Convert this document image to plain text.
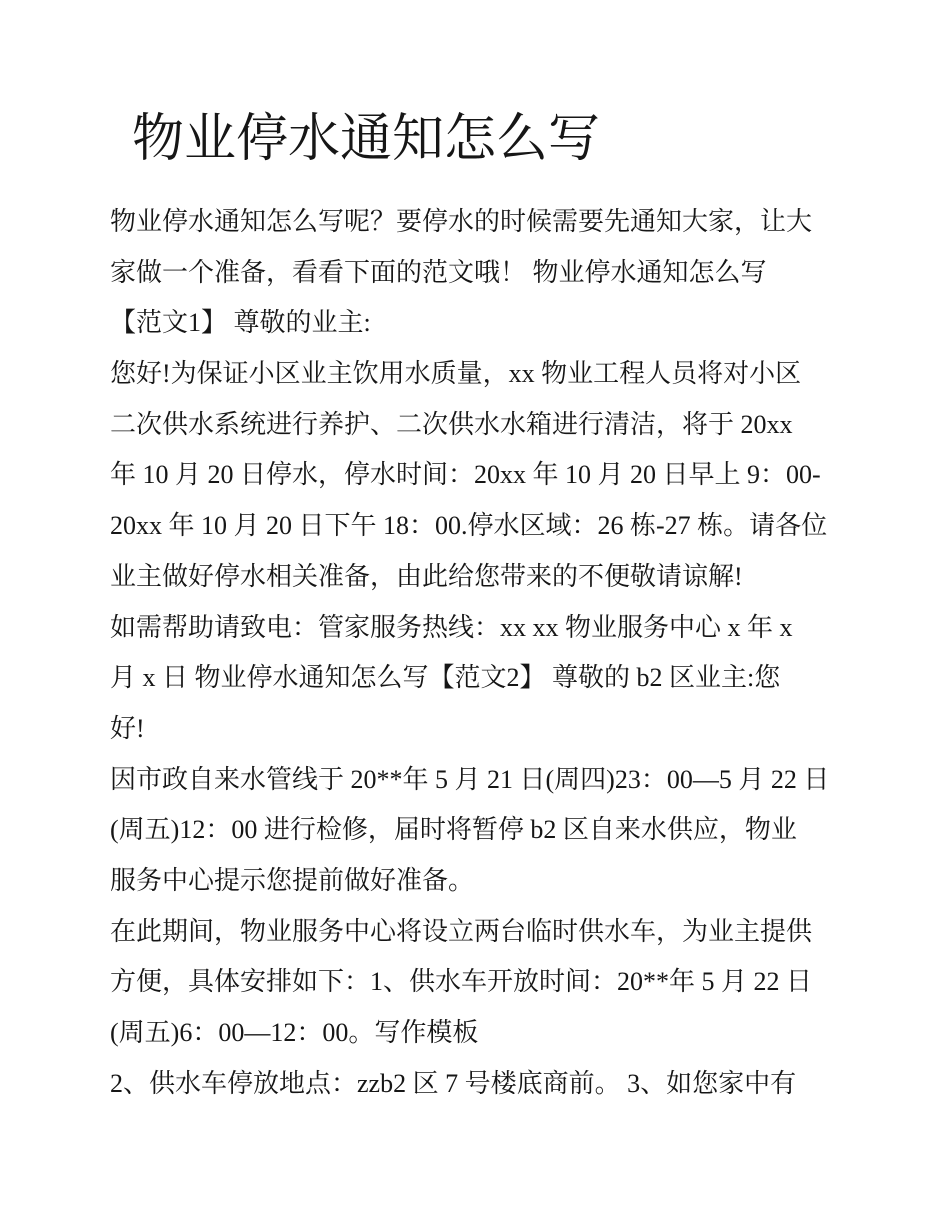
物业停水通知怎么写
物业停水通知怎么写呢？要停水的时候需要先通知大家，让大
家做一个准备，看看下面的范文哦！ 物业停水通知怎么写
【范文1】 尊敬的业主:
您好!为保证小区业主饮用水质量，xx 物业工程人员将对小区
二次供水系统进行养护、二次供水水箱进行清洁，将于 20xx
年 10 月 20 日停水，停水时间：20xx 年 10 月 20 日早上 9：00-
20xx 年 10 月 20 日下午 18：00.停水区域：26 栋-27 栋。请各位
业主做好停水相关准备，由此给您带来的不便敬请谅解!
如需帮助请致电：管家服务热线：xx xx 物业服务中心 x 年 x
月 x 日 物业停水通知怎么写【范文2】 尊敬的 b2 区业主:您
好!
因市政自来水管线于 20**年 5 月 21 日(周四)23：00—5 月 22 日
(周五)12：00 进行检修，届时将暂停 b2 区自来水供应，物业
服务中心提示您提前做好准备。
在此期间，物业服务中心将设立两台临时供水车，为业主提供
方便，具体安排如下：1、供水车开放时间：20**年 5 月 22 日
(周五)6：00—12：00。写作模板
2、供水车停放地点：zzb2 区 7 号楼底商前。 3、如您家中有
